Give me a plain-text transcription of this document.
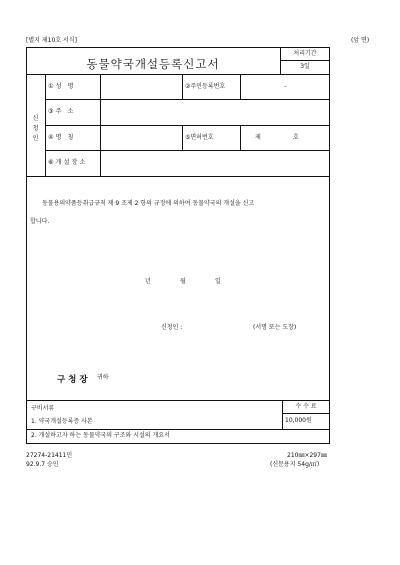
[별지 제10호 서식]	(앞 면)
동물약국개설등록신고서
처리기간
3일
신
청
인
①성 명	②주민등록번호	-
③주 소
④명 칭	⑤면허번호	제	호
⑥개설장소
동물용의약품등취급규칙 제 9 조제 2 항의 규정에 의하여 동물약국의 개설을 신고
합니다.
년	월	일
신청인 :	(서명 또는 도장)
구 청 장 귀하
구비서류
1. 약국개설등록증 사본
2. 개설하고자 하는 동물약국의 구조와 시설의 개요서
수 수 료
10,000원
27274-21411민
92.9.7 승인
210㎜×297㎜
(신문용지 54g/㎡)
